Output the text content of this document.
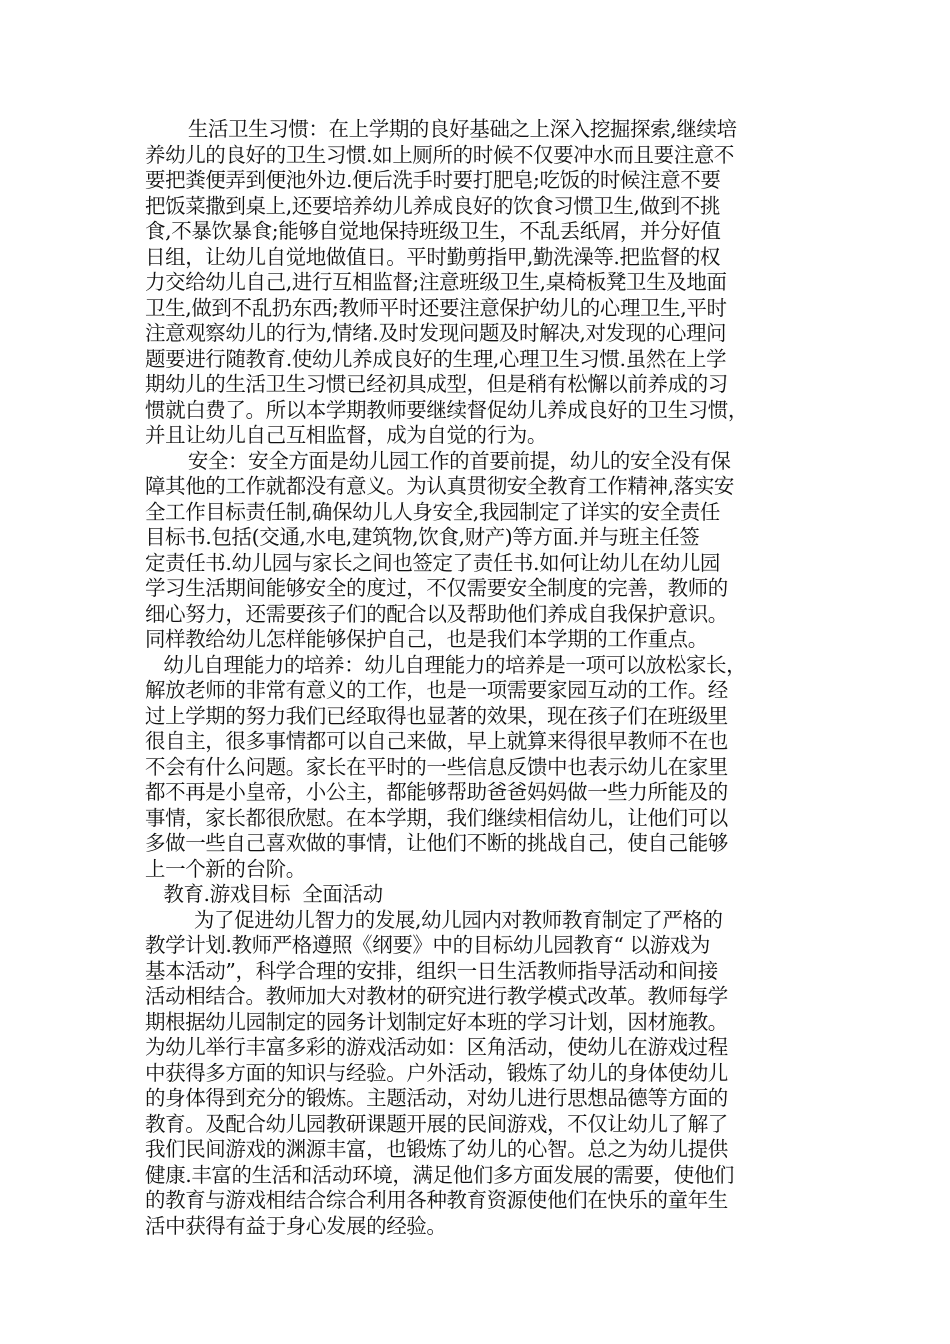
生活卫生习惯：在上学期的良好基础之上深入挖掘探索,继续培
养幼儿的良好的卫生习惯.如上厕所的时候不仅要冲水而且要注意不
要把粪便弄到便池外边.便后洗手时要打肥皂;吃饭的时候注意不要
把饭菜撒到桌上,还要培养幼儿养成良好的饮食习惯卫生,做到不挑
食,不暴饮暴食;能够自觉地保持班级卫生，不乱丢纸屑，并分好值
日组，让幼儿自觉地做值日。平时勤剪指甲,勤洗澡等.把监督的权
力交给幼儿自己,进行互相监督;注意班级卫生,桌椅板凳卫生及地面
卫生,做到不乱扔东西;教师平时还要注意保护幼儿的心理卫生,平时
注意观察幼儿的行为,情绪.及时发现问题及时解决,对发现的心理问
题要进行随教育.使幼儿养成良好的生理,心理卫生习惯.虽然在上学
期幼儿的生活卫生习惯已经初具成型，但是稍有松懈以前养成的习
惯就白费了。所以本学期教师要继续督促幼儿养成良好的卫生习惯，
并且让幼儿自己互相监督，成为自觉的行为。
安全：安全方面是幼儿园工作的首要前提，幼儿的安全没有保
障其他的工作就都没有意义。为认真贯彻安全教育工作精神,落实安
全工作目标责任制,确保幼儿人身安全,我园制定了详实的安全责任
目标书.包括(交通,水电,建筑物,饮食,财产)等方面.并与班主任签
定责任书.幼儿园与家长之间也签定了责任书.如何让幼儿在幼儿园
学习生活期间能够安全的度过，不仅需要安全制度的完善，教师的
细心努力，还需要孩子们的配合以及帮助他们养成自我保护意识。
同样教给幼儿怎样能够保护自己，也是我们本学期的工作重点。
幼儿自理能力的培养：幼儿自理能力的培养是一项可以放松家长，
解放老师的非常有意义的工作，也是一项需要家园互动的工作。经
过上学期的努力我们已经取得也显著的效果，现在孩子们在班级里
很自主，很多事情都可以自己来做，早上就算来得很早教师不在也
不会有什么问题。家长在平时的一些信息反馈中也表示幼儿在家里
都不再是小皇帝，小公主，都能够帮助爸爸妈妈做一些力所能及的
事情，家长都很欣慰。在本学期，我们继续相信幼儿，让他们可以
多做一些自己喜欢做的事情，让他们不断的挑战自己，使自己能够
上一个新的台阶。
教育.游戏目标  全面活动
为了促进幼儿智力的发展,幼儿园内对教师教育制定了严格的
教学计划.教师严格遵照《纲要》中的目标幼儿园教育“ 以游戏为
基本活动”，科学合理的安排，组织一日生活教师指导活动和间接
活动相结合。教师加大对教材的研究进行教学模式改革。教师每学
期根据幼儿园制定的园务计划制定好本班的学习计划，因材施教。
为幼儿举行丰富多彩的游戏活动如：区角活动，使幼儿在游戏过程
中获得多方面的知识与经验。户外活动，锻炼了幼儿的身体使幼儿
的身体得到充分的锻炼。主题活动，对幼儿进行思想品德等方面的
教育。及配合幼儿园教研课题开展的民间游戏，不仅让幼儿了解了
我们民间游戏的渊源丰富，也锻炼了幼儿的心智。总之为幼儿提供
健康.丰富的生活和活动环境，满足他们多方面发展的需要，使他们
的教育与游戏相结合综合利用各种教育资源使他们在快乐的童年生
活中获得有益于身心发展的经验。
